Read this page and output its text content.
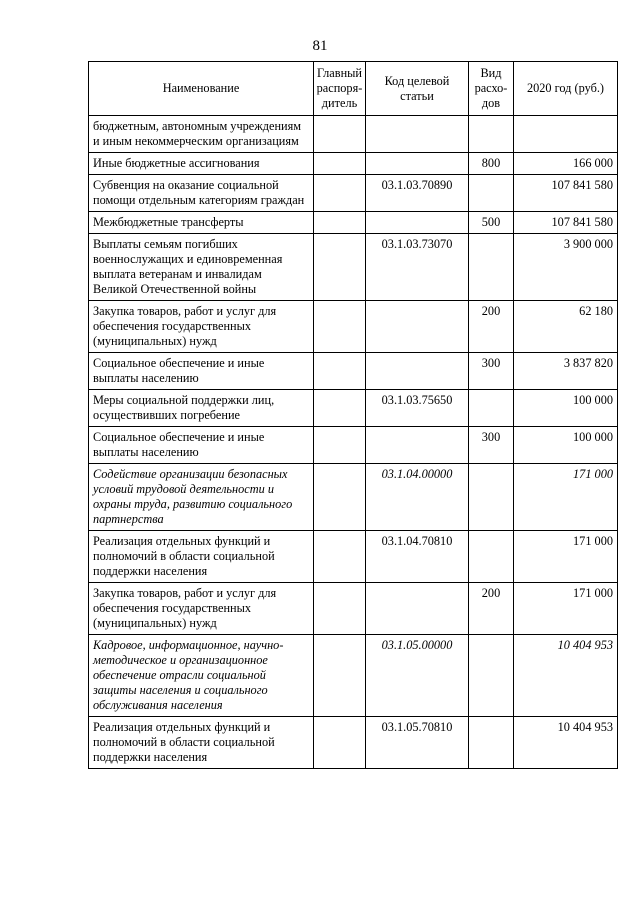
81
Наименование	Главный распоря-дитель	Код целевой статьи	Вид расхо-дов	2020 год (руб.)
бюджетным, автономным учреждениям и иным некоммерческим организациям				
Иные бюджетные ассигнования			800	166 000
Субвенция на оказание социальной помощи отдельным категориям граждан		03.1.03.70890		107 841 580
Межбюджетные трансферты			500	107 841 580
Выплаты семьям погибших военнослужащих и единовременная выплата ветеранам и инвалидам Великой Отечественной войны		03.1.03.73070		3 900 000
Закупка товаров, работ и услуг для обеспечения государственных (муниципальных) нужд			200	62 180
Социальное обеспечение и иные выплаты населению			300	3 837 820
Меры социальной поддержки лиц, осуществивших погребение		03.1.03.75650		100 000
Социальное обеспечение и иные выплаты населению			300	100 000
Содействие организации безопасных условий трудовой деятельности и охраны труда, развитию социального партнерства		03.1.04.00000		171 000
Реализация отдельных функций и полномочий в области социальной поддержки населения		03.1.04.70810		171 000
Закупка товаров, работ и услуг для обеспечения государственных (муниципальных) нужд			200	171 000
Кадровое, информационное, научно-методическое и организационное обеспечение отрасли социальной защиты населения и социального обслуживания населения		03.1.05.00000		10 404 953
Реализация отдельных функций и полномочий в области социальной поддержки населения		03.1.05.70810		10 404 953
